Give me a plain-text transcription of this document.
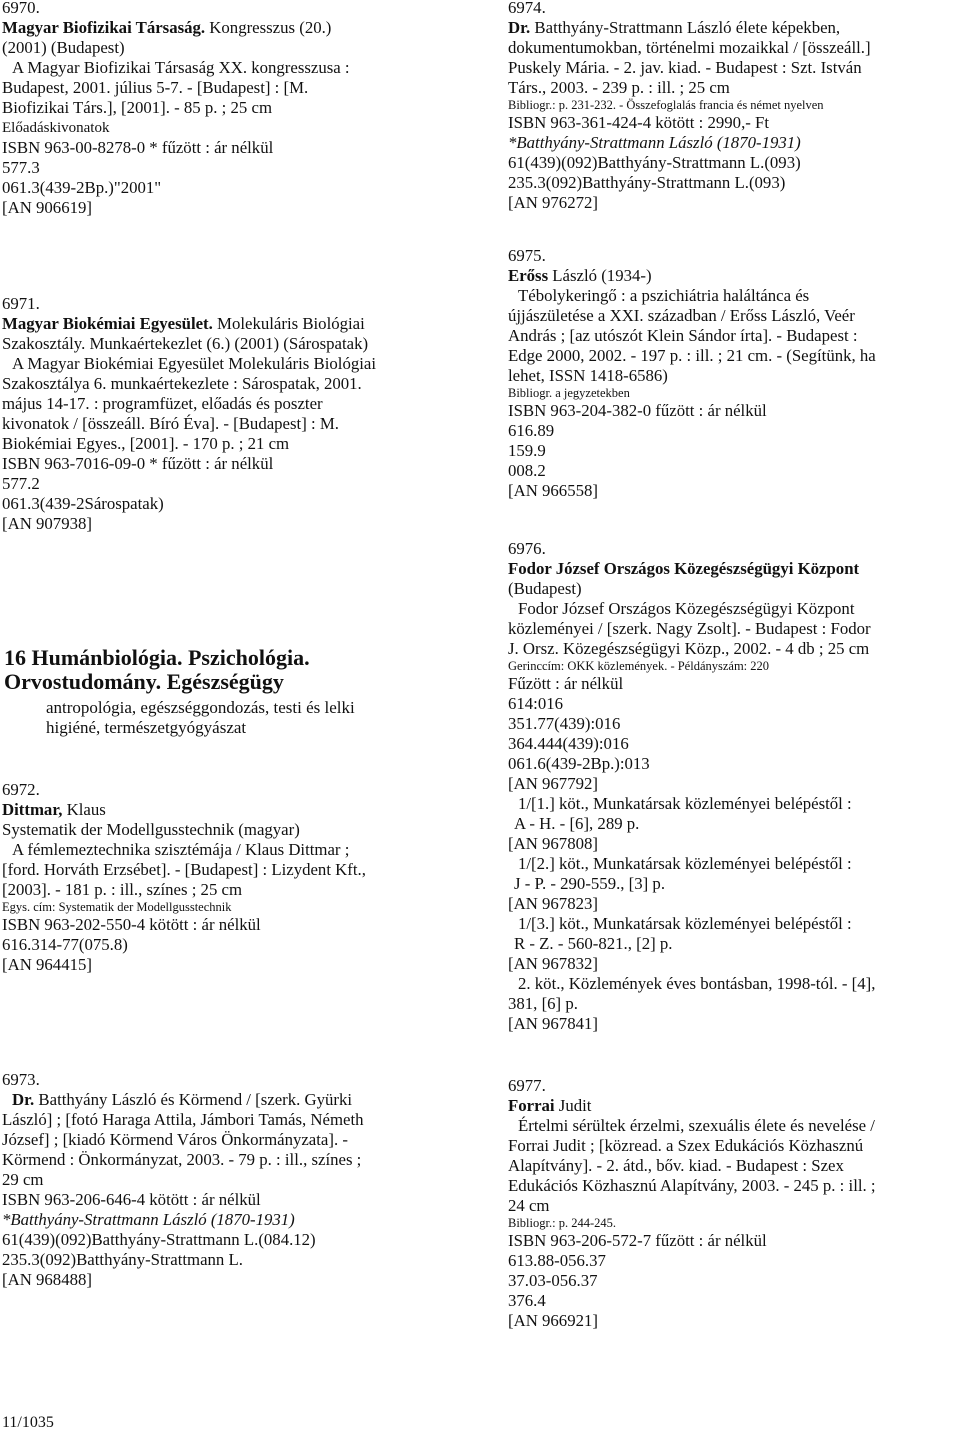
6970.
Magyar Biofizikai Társaság. Kongresszus (20.)
(2001) (Budapest)
A Magyar Biofizikai Társaság XX. kongresszusa :
Budapest, 2001. július 5-7. - [Budapest] : [M.
Biofizikai Társ.], [2001]. - 85 p. ; 25 cm
Előadáskivonatok
ISBN 963-00-8278-0 * fűzött : ár nélkül
577.3
061.3(439-2Bp.)"2001"
[AN 906619]
6971.
Magyar Biokémiai Egyesület. Molekuláris Biológiai
Szakosztály. Munkaértekezlet (6.) (2001) (Sárospatak)
A Magyar Biokémiai Egyesület Molekuláris Biológiai
Szakosztálya 6. munkaértekezlete : Sárospatak, 2001.
május 14-17. : programfüzet, előadás és poszter
kivonatok / [összeáll. Bíró Éva]. - [Budapest] : M.
Biokémiai Egyes., [2001]. - 170 p. ; 21 cm
ISBN 963-7016-09-0 * fűzött : ár nélkül
577.2
061.3(439-2Sárospatak)
[AN 907938]
16 Humánbiológia. Pszichológia.
Orvostudomány. Egészségügy
antropológia, egészséggondozás, testi és lelki
higiéné, természetgyógyászat
6972.
Dittmar, Klaus
Systematik der Modellgusstechnik (magyar)
A fémlemeztechnika szisztémája / Klaus Dittmar ;
[ford. Horváth Erzsébet]. - [Budapest] : Lizydent Kft.,
[2003]. - 181 p. : ill., színes ; 25 cm
Egys. cím: Systematik der Modellgusstechnik
ISBN 963-202-550-4 kötött : ár nélkül
616.314-77(075.8)
[AN 964415]
6973.
Dr. Batthyány László és Körmend / [szerk. Gyürki
László] ; [fotó Haraga Attila, Jámbori Tamás, Németh
József] ; [kiadó Körmend Város Önkormányzata]. -
Körmend : Önkormányzat, 2003. - 79 p. : ill., színes ;
29 cm
ISBN 963-206-646-4 kötött : ár nélkül
*Batthyány-Strattmann László (1870-1931)
61(439)(092)Batthyány-Strattmann L.(084.12)
235.3(092)Batthyány-Strattmann L.
[AN 968488]
11/1035
6974.
Dr. Batthyány-Strattmann László élete képekben,
dokumentumokban, történelmi mozaikkal / [összeáll.]
Puskely Mária. - 2. jav. kiad. - Budapest : Szt. István
Társ., 2003. - 239 p. : ill. ; 25 cm
Bibliogr.: p. 231-232. - Összefoglalás francia és német nyelven
ISBN 963-361-424-4 kötött : 2990,- Ft
*Batthyány-Strattmann László (1870-1931)
61(439)(092)Batthyány-Strattmann L.(093)
235.3(092)Batthyány-Strattmann L.(093)
[AN 976272]
6975.
Erőss László (1934-)
Tébolykeringő : a pszichiátria haláltánca és
újjászületése a XXI. században / Erőss László, Veér
András ; [az utószót Klein Sándor írta]. - Budapest :
Edge 2000, 2002. - 197 p. : ill. ; 21 cm. - (Segítünk, ha
lehet, ISSN 1418-6586)
Bibliogr. a jegyzetekben
ISBN 963-204-382-0 fűzött : ár nélkül
616.89
159.9
008.2
[AN 966558]
6976.
Fodor József Országos Közegészségügyi Központ
(Budapest)
Fodor József Országos Közegészségügyi Központ
közleményei / [szerk. Nagy Zsolt]. - Budapest : Fodor
J. Orsz. Közegészségügyi Közp., 2002. - 4 db ; 25 cm
Gerinccím: OKK közlemények. - Példányszám: 220
Fűzött : ár nélkül
614:016
351.77(439):016
364.444(439):016
061.6(439-2Bp.):013
[AN 967792]
1/[1.] köt., Munkatársak közleményei belépéstől :
A - H. - [6], 289 p.
[AN 967808]
1/[2.] köt., Munkatársak közleményei belépéstől :
J - P. - 290-559., [3] p.
[AN 967823]
1/[3.] köt., Munkatársak közleményei belépéstől :
R - Z. - 560-821., [2] p.
[AN 967832]
2. köt., Közlemények éves bontásban, 1998-tól. - [4],
381, [6] p.
[AN 967841]
6977.
Forrai Judit
Értelmi sérültek érzelmi, szexuális élete és nevelése /
Forrai Judit ; [közread. a Szex Edukációs Közhasznú
Alapítvány]. - 2. átd., bőv. kiad. - Budapest : Szex
Edukációs Közhasznú Alapítvány, 2003. - 245 p. : ill. ;
24 cm
Bibliogr.: p. 244-245.
ISBN 963-206-572-7 fűzött : ár nélkül
613.88-056.37
37.03-056.37
376.4
[AN 966921]
